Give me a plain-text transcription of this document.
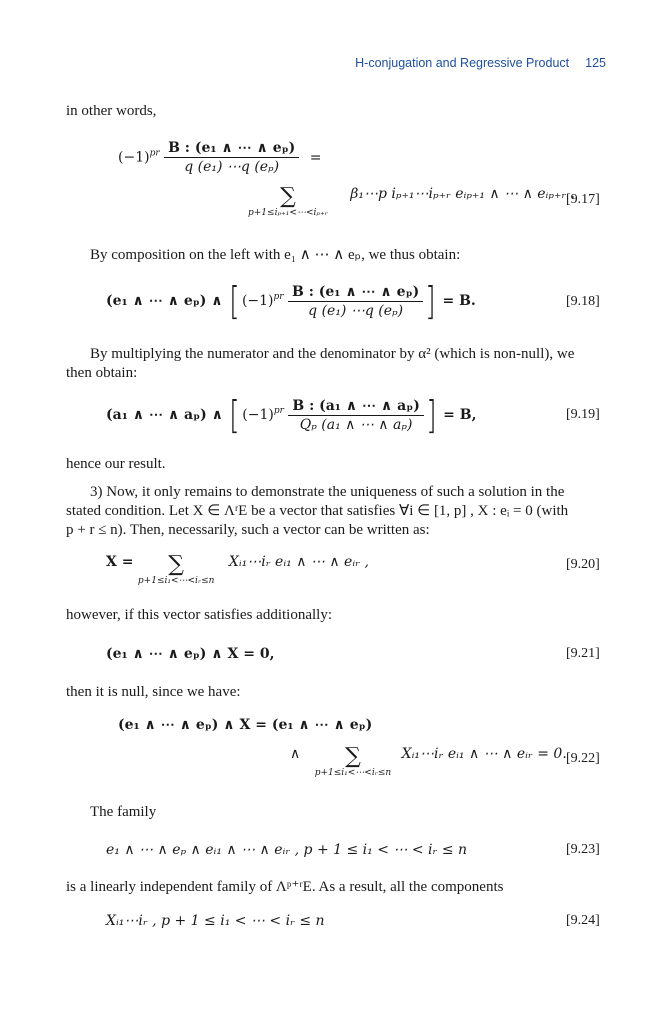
H-conjugation and Regressive Product 125
in other words,
$(-1)^{pr} \frac{\text{B : (e₁ ∧ ⋯ ∧ eₚ)}}{\text{q (e₁) ⋯q (eₚ)}}$ =
∑
p+1≤iₚ₊₁<⋯<iₚ₊ᵣ
β₁⋯p iₚ₊₁⋯iₚ₊ᵣ eᵢₚ₊₁ ∧ ⋯ ∧ eᵢₚ₊ᵣ .
[9.17]
By composition on the left with e₁ ∧ ⋯ ∧ eₚ, we thus obtain:
(e₁ ∧ ⋯ ∧ eₚ) ∧ [ $(-1)^{pr} \frac{\text{B : (e₁ ∧ ⋯ ∧ eₚ)}}{\text{q (e₁) ⋯q (eₚ)}}$ ] = B.	[9.18]
By multiplying the numerator and the denominator by α² (which is non-null), we
then obtain:
(a₁ ∧ ⋯ ∧ aₚ) ∧ [ $(-1)^{pr} \frac{\text{B : (a₁ ∧ ⋯ ∧ aₚ)}}{\text{Qₚ (a₁ ∧ ⋯ ∧ aₚ)}}$ ] = B,	[9.19]
hence our result.
3) Now, it only remains to demonstrate the uniqueness of such a solution in the
stated condition. Let X ∈ ΛʳE be a vector that satisfies ∀i ∈ [1, p] , X : eᵢ = 0 (with
p + r ≤ n). Then, necessarily, such a vector can be written as:
X =	∑
p+1≤i₁<⋯<iᵣ≤n
Xᵢ₁⋯iᵣ eᵢ₁ ∧ ⋯ ∧ eᵢᵣ ,	[9.20]
however, if this vector satisfies additionally:
(e₁ ∧ ⋯ ∧ eₚ) ∧ X = 0,	[9.21]
then it is null, since we have:
(e₁ ∧ ⋯ ∧ eₚ) ∧ X = (e₁ ∧ ⋯ ∧ eₚ)
∧	∑
p+1≤i₁<⋯<iᵣ≤n
Xᵢ₁⋯iᵣ eᵢ₁ ∧ ⋯ ∧ eᵢᵣ = 0. [9.22]
The family
e₁ ∧ ⋯ ∧ eₚ ∧ eᵢ₁ ∧ ⋯ ∧ eᵢᵣ , p + 1 ≤ i₁ < ⋯ < iᵣ ≤ n	[9.23]
is a linearly independent family of Λᵖ⁺ʳE. As a result, all the components
Xᵢ₁⋯iᵣ , p + 1 ≤ i₁ < ⋯ < iᵣ ≤ n	[9.24]
